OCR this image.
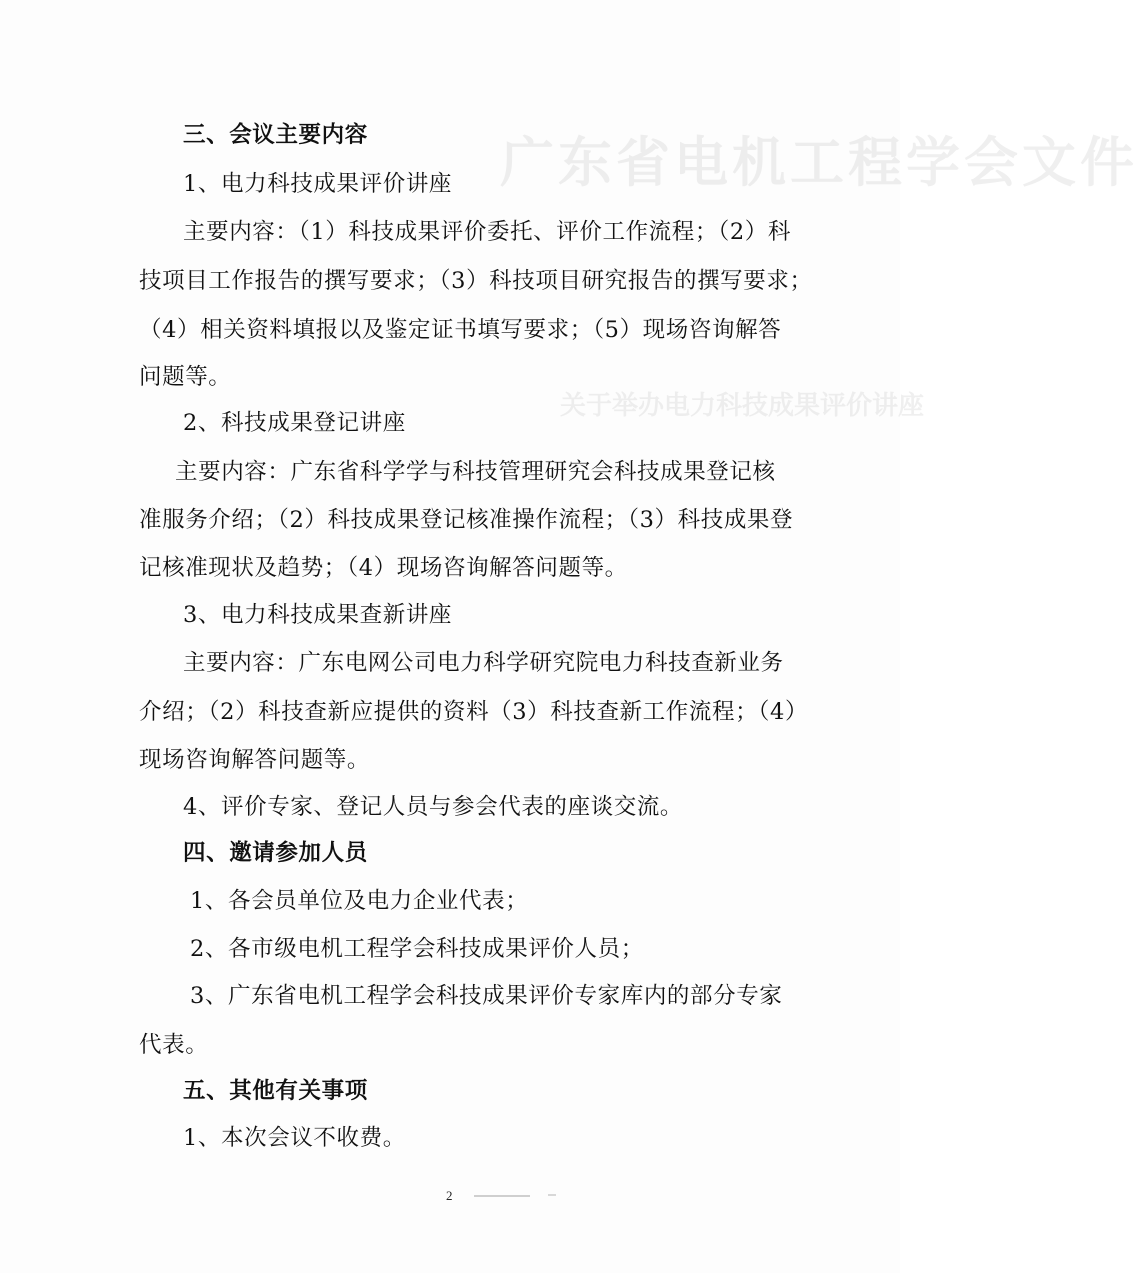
广东省电机工程学会文件
关于举办电力科技成果评价讲座
三、会议主要内容
1、电力科技成果评价讲座
主要内容：（1）科技成果评价委托、评价工作流程；（2）科
技项目工作报告的撰写要求；（3）科技项目研究报告的撰写要求；
（4）相关资料填报以及鉴定证书填写要求；（5）现场咨询解答
问题等。
2、科技成果登记讲座
主要内容：广东省科学学与科技管理研究会科技成果登记核
准服务介绍；（2）科技成果登记核准操作流程；（3）科技成果登
记核准现状及趋势；（4）现场咨询解答问题等。
3、电力科技成果查新讲座
主要内容：广东电网公司电力科学研究院电力科技查新业务
介绍；（2）科技查新应提供的资料（3）科技查新工作流程；（4）
现场咨询解答问题等。
4、评价专家、登记人员与参会代表的座谈交流。
四、邀请参加人员
1、各会员单位及电力企业代表；
2、各市级电机工程学会科技成果评价人员；
3、广东省电机工程学会科技成果评价专家库内的部分专家
代表。
五、其他有关事项
1、本次会议不收费。
2
